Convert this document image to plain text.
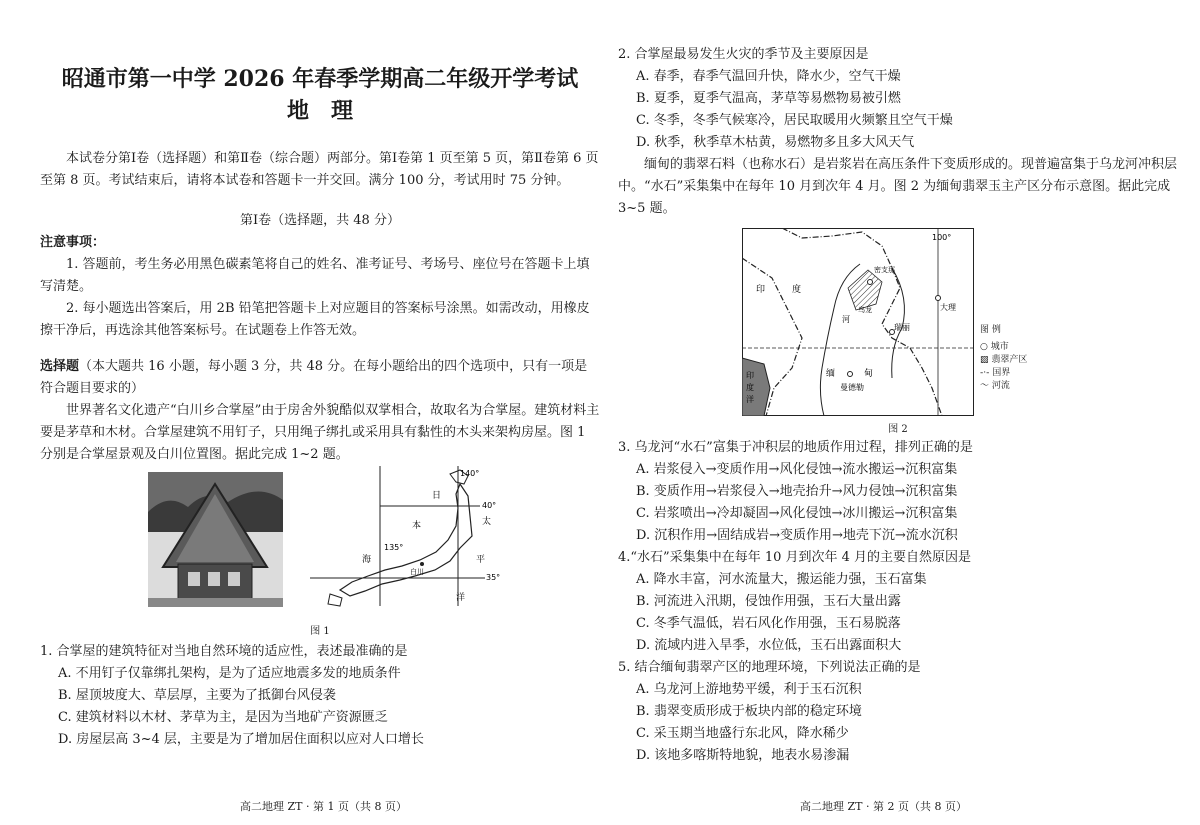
昭通市第一中学 2026 年春季学期高二年级开学考试
地　理
本试卷分第Ⅰ卷（选择题）和第Ⅱ卷（综合题）两部分。第Ⅰ卷第 1 页至第 5 页，第Ⅱ卷第 6 页至第 8 页。考试结束后，请将本试卷和答题卡一并交回。满分 100 分，考试用时 75 分钟。
第Ⅰ卷（选择题，共 48 分）
注意事项：
1. 答题前，考生务必用黑色碳素笔将自己的姓名、准考证号、考场号、座位号在答题卡上填写清楚。
2. 每小题选出答案后，用 2B 铅笔把答题卡上对应题目的答案标号涂黑。如需改动，用橡皮擦干净后，再选涂其他答案标号。在试题卷上作答无效。
选择题（本大题共 16 小题，每小题 3 分，共 48 分。在每小题给出的四个选项中，只有一项是符合题目要求的）
世界著名文化遗产“白川乡合掌屋”由于房舍外貌酷似双掌相合，故取名为合掌屋。建筑材料主要是茅草和木材。合掌屋建筑不用钉子，只用绳子绑扎或采用具有黏性的木头来架构房屋。图 1 分别是合掌屋景观及白川位置图。据此完成 1~2 题。
140°
40°
135°
35°
日
本
海
太
平
洋
白川
图 1
1. 合掌屋的建筑特征对当地自然环境的适应性，表述最准确的是
A. 不用钉子仅靠绑扎架构，是为了适应地震多发的地质条件
B. 屋顶坡度大、草层厚，主要为了抵御台风侵袭
C. 建筑材料以木材、茅草为主，是因为当地矿产资源匮乏
D. 房屋层高 3~4 层，主要是为了增加居住面积以应对人口增长
高二地理 ZT · 第 1 页（共 8 页）
2. 合掌屋最易发生火灾的季节及主要原因是
A. 春季，春季气温回升快，降水少，空气干燥
B. 夏季，夏季气温高，茅草等易燃物易被引燃
C. 冬季，冬季气候寒冷，居民取暖用火频繁且空气干燥
D. 秋季，秋季草木枯黄，易燃物多且多大风天气
缅甸的翡翠石料（也称水石）是岩浆岩在高压条件下变质形成的。现普遍富集于乌龙河冲积层中。“水石”采集集中在每年 10 月到次年 4 月。图 2 为缅甸翡翠玉主产区分布示意图。据此完成 3~5 题。
100°
印	度
印
度
洋
大理
瑞丽
缅	甸
曼德勒
河
乌龙
密支那
图 例
○ 城市
▨ 翡翠产区
-·- 国界
～ 河流
图 2
3. 乌龙河“水石”富集于冲积层的地质作用过程，排列正确的是
A. 岩浆侵入→变质作用→风化侵蚀→流水搬运→沉积富集
B. 变质作用→岩浆侵入→地壳抬升→风力侵蚀→沉积富集
C. 岩浆喷出→冷却凝固→风化侵蚀→冰川搬运→沉积富集
D. 沉积作用→固结成岩→变质作用→地壳下沉→流水沉积
4.“水石”采集集中在每年 10 月到次年 4 月的主要自然原因是
A. 降水丰富，河水流量大，搬运能力强，玉石富集
B. 河流进入汛期，侵蚀作用强，玉石大量出露
C. 冬季气温低，岩石风化作用强，玉石易脱落
D. 流域内进入旱季，水位低，玉石出露面积大
5. 结合缅甸翡翠产区的地理环境，下列说法正确的是
A. 乌龙河上游地势平缓，利于玉石沉积
B. 翡翠变质形成于板块内部的稳定环境
C. 采玉期当地盛行东北风，降水稀少
D. 该地多喀斯特地貌，地表水易渗漏
高二地理 ZT · 第 2 页（共 8 页）
